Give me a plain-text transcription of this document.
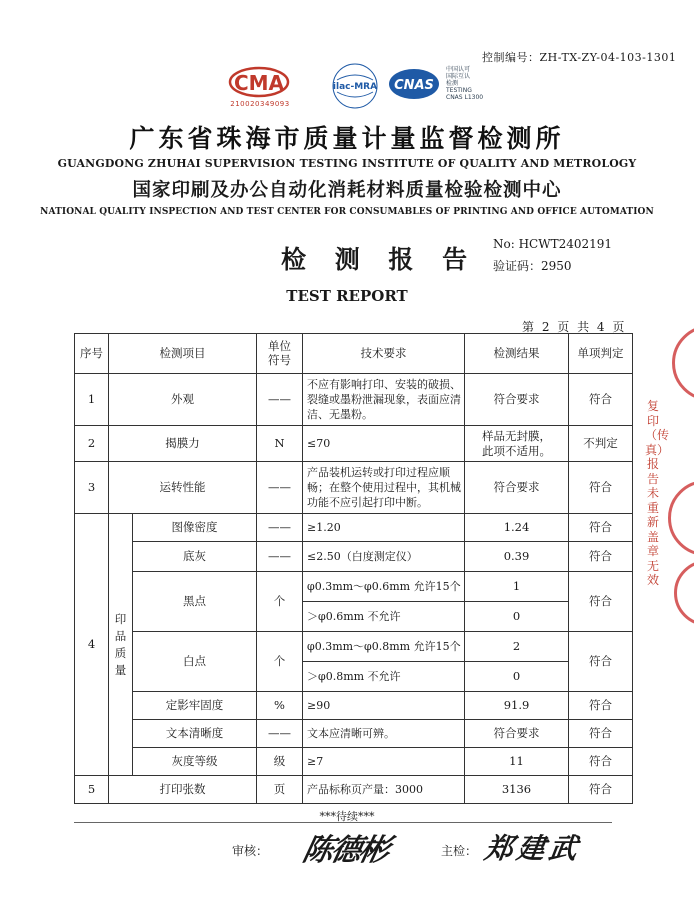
控制编号：ZH-TX-ZY-04-103-1301
CMA
210020349093
ilac-MRA CNAS
中国认可
国际互认
检测
TESTING
CNAS L1300
广东省珠海市质量计量监督检测所
GUANGDONG ZHUHAI SUPERVISION TESTING INSTITUTE OF QUALITY AND METROLOGY
国家印刷及办公自动化消耗材料质量检验检测中心
NATIONAL QUALITY INSPECTION AND TEST CENTER FOR CONSUMABLES OF PRINTING AND OFFICE AUTOMATION
检 测 报 告
No: HCWT2402191
验证码：2950
TEST REPORT
第 2 页 共 4 页
序号	检测项目		单位符号	技术要求	检测结果	单项判定
1	外观		——	不应有影响打印、安装的破损、裂缝或墨粉泄漏现象，表面应清洁、无墨粉。	符合要求	符合
2	揭膜力		N	≤70	样品无封膜，此项不适用。	不判定
3	运转性能		——	产品装机运转或打印过程应顺畅；在整个使用过程中，其机械功能不应引起打印中断。	符合要求	符合
4	印
品
质
量	图像密度	——	≥1.20	1.24	符合
		底灰	——	≤2.50（白度测定仪）	0.39	符合
		黑点	个	φ0.3mm～φ0.6mm 允许15个	1	符合
				＞φ0.6mm 不允许	0	
		白点	个	φ0.3mm～φ0.8mm 允许15个	2	符合
				＞φ0.8mm 不允许	0	
		定影牢固度	%	≥90	91.9	符合
		文本清晰度	——	文本应清晰可辨。	符合要求	符合
		灰度等级	级	≥7	11	符合
5	打印张数		页	产品标称页产量：3000	3136	符合
***待续***
审核： 陈德彬	主检： 郑建武
复印（传真）报告未重新盖章无效
